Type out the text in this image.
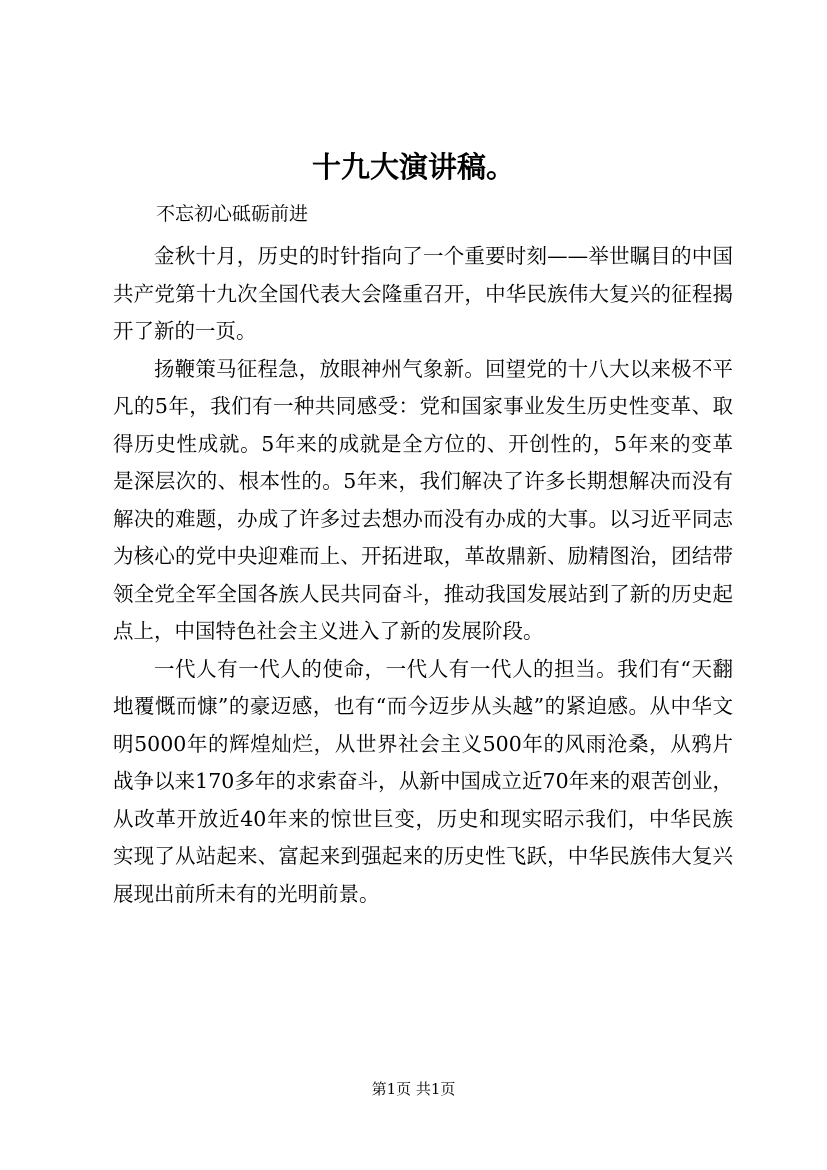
十九大演讲稿。

不忘初心砥砺前进

金秋十月，历史的时针指向了一个重要时刻——举世瞩目的中国共产党第十九次全国代表大会隆重召开，中华民族伟大复兴的征程揭开了新的一页。

扬鞭策马征程急，放眼神州气象新。回望党的十八大以来极不平凡的5年，我们有一种共同感受：党和国家事业发生历史性变革、取得历史性成就。5年来的成就是全方位的、开创性的，5年来的变革是深层次的、根本性的。5年来，我们解决了许多长期想解决而没有解决的难题，办成了许多过去想办而没有办成的大事。以习近平同志为核心的党中央迎难而上、开拓进取，革故鼎新、励精图治，团结带领全党全军全国各族人民共同奋斗，推动我国发展站到了新的历史起点上，中国特色社会主义进入了新的发展阶段。

一代人有一代人的使命，一代人有一代人的担当。我们有“天翻地覆慨而慷”的豪迈感，也有“而今迈步从头越”的紧迫感。从中华文明5000年的辉煌灿烂，从世界社会主义500年的风雨沧桑，从鸦片战争以来170多年的求索奋斗，从新中国成立近70年来的艰苦创业，从改革开放近40年来的惊世巨变，历史和现实昭示我们，中华民族实现了从站起来、富起来到强起来的历史性飞跃，中华民族伟大复兴展现出前所未有的光明前景。

第1页 共1页
